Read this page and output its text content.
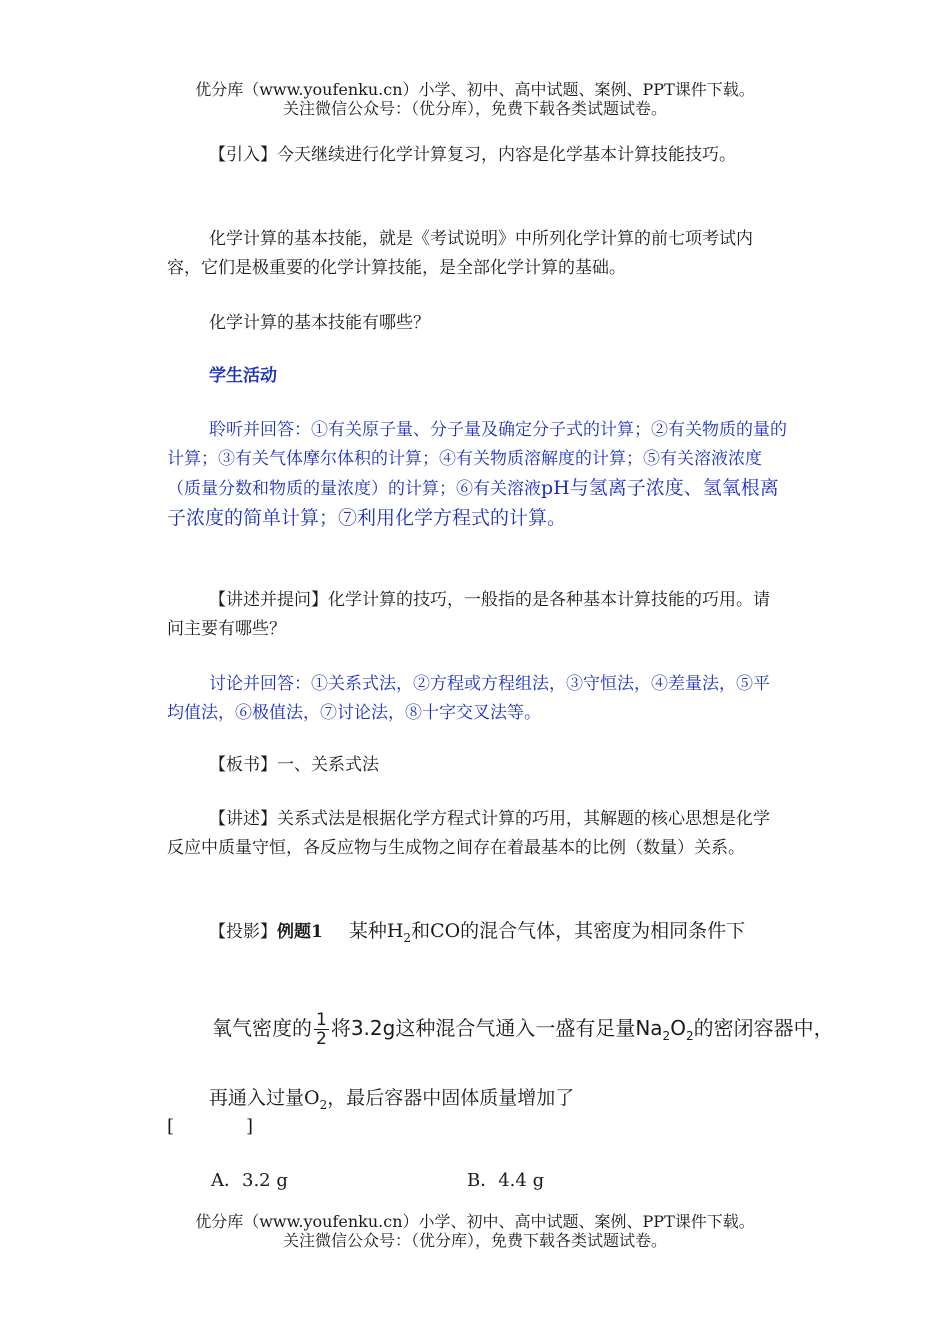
优分库（www.youfenku.cn）小学、初中、高中试题、案例、PPT课件下载。
关注微信公众号：（优分库），免费下载各类试题试卷。
【引入】今天继续进行化学计算复习，内容是化学基本计算技能技巧。
化学计算的基本技能，就是《考试说明》中所列化学计算的前七项考试内容，它们是极重要的化学计算技能，是全部化学计算的基础。
化学计算的基本技能有哪些？
学生活动
聆听并回答：①有关原子量、分子量及确定分子式的计算；②有关物质的量的计算；③有关气体摩尔体积的计算；④有关物质溶解度的计算；⑤有关溶液浓度（质量分数和物质的量浓度）的计算；⑥有关溶液pH与氢离子浓度、氢氧根离子浓度的简单计算；⑦利用化学方程式的计算。
【讲述并提问】化学计算的技巧，一般指的是各种基本计算技能的巧用。请问主要有哪些？
讨论并回答：①关系式法，②方程或方程组法，③守恒法，④差量法，⑤平均值法，⑥极值法，⑦讨论法，⑧十字交叉法等。
【板书】一、关系式法
【讲述】关系式法是根据化学方程式计算的巧用，其解题的核心思想是化学反应中质量守恒，各反应物与生成物之间存在着最基本的比例（数量）关系。
【投影】例题1 某种$H_2$和CO的混合气体，其密度为相同条件下
氧气密度的 $\frac{1}{2}$ 将3.2g这种混合气通入一盛有足量$Na_2O_2$的密闭容器中，
再通入过量$O_2$，最后容器中固体质量增加了
[　　　　]
A．3.2 g	B．4.4 g
优分库（www.youfenku.cn）小学、初中、高中试题、案例、PPT课件下载。
关注微信公众号：（优分库），免费下载各类试题试卷。
